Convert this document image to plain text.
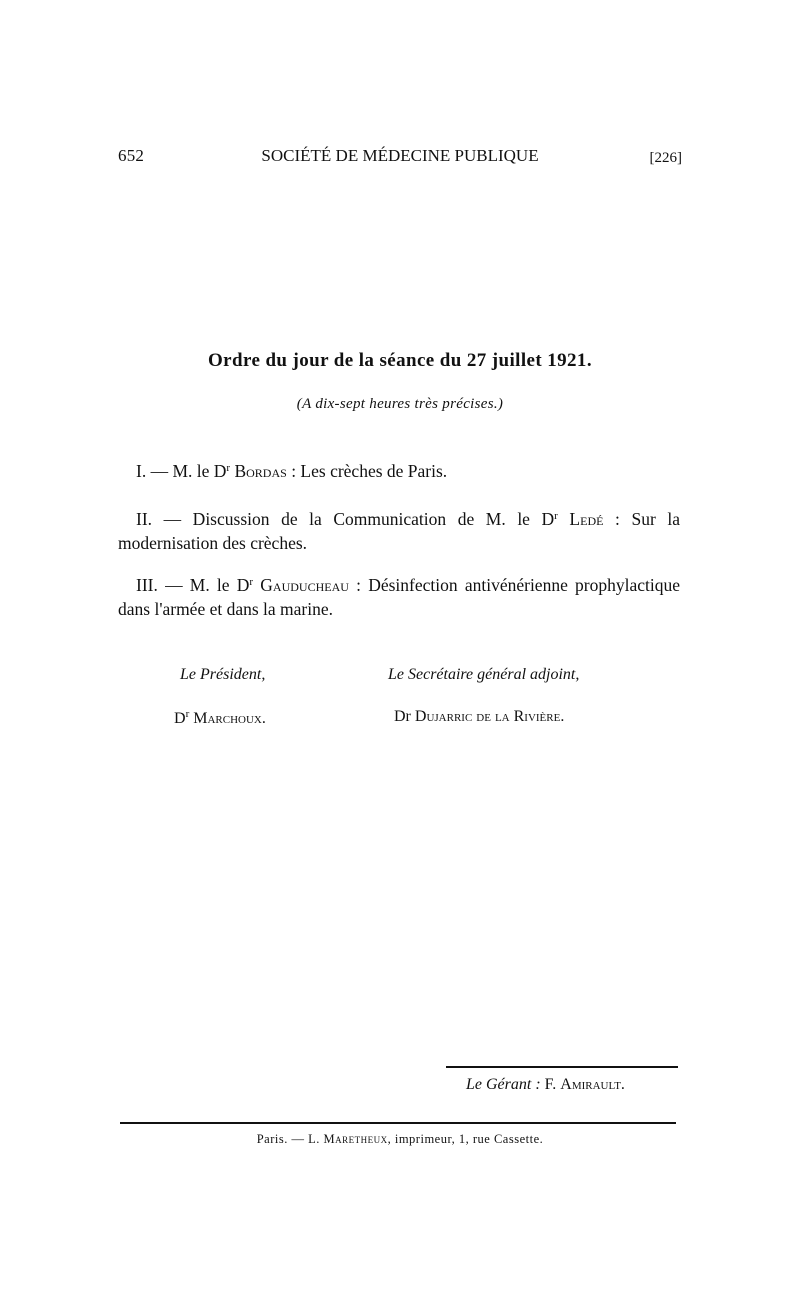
652	SOCIÉTÉ DE MÉDECINE PUBLIQUE	[226]
Ordre du jour de la séance du 27 juillet 1921.
(A dix-sept heures très précises.)
I. — M. le $D^r$ Bordas : Les crèches de Paris.
II. — Discussion de la Communication de M. le $D^r$ Ledé : Sur la modernisation des crèches.
III. — M. le $D^r$ Gauducheau : Désinfection antivénérienne prophylactique dans l'armée et dans la marine.
Le Président,
$D^r$ Marchoux.
Le Secrétaire général adjoint,
Dr Dujarric de la Rivière.
Le Gérant : F. Amirault.
Paris. — L. Maretheux, imprimeur, 1, rue Cassette.
